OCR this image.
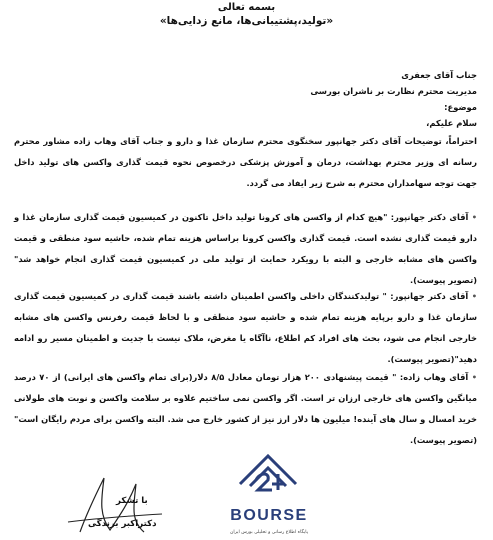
بسمه تعالی
«تولید،پشتیبانی‌ها، مانع زدایی‌ها»
جناب آقای جعفری
مدیریت محترم نظارت بر ناشران بورسی
موضوع:
سلام علیکم،
احتراماً، توضیحات آقای دکتر جهانپور سخنگوی محترم سازمان غذا و دارو و جناب آقای وهاب زاده مشاور محترم رسانه ای وزیر محترم بهداشت، درمان و آموزش پزشکی درخصوص نحوه قیمت گذاری واکسن های تولید داخل جهت توجه سهامداران محترم به شرح زیر ایفاد می گردد.
• آقای دکتر جهانپور: "هیچ کدام از واکسن های کرونا تولید داخل تاکنون در کمیسیون قیمت گذاری سازمان غذا و دارو قیمت گذاری نشده است. قیمت گذاری واکسن کرونا براساس هزینه تمام شده، حاشیه سود منطقی و قیمت واکسن های مشابه خارجی و البته با رویکرد حمایت از تولید ملی در کمیسیون قیمت گذاری انجام خواهد شد"(تصویر پیوست).
• آقای دکتر جهانپور: " تولیدکنندگان داخلی واکسن اطمینان داشته باشند قیمت گذاری در کمیسیون قیمت گذاری سازمان غذا و دارو برپایه هزینه تمام شده و حاشیه سود منطقی و با لحاظ قیمت رفرنس واکسن های مشابه خارجی انجام می شود، بحث های افراد کم اطلاع، ناآگاه یا مغرض، ملاک نیست با جدیت و اطمینان مسیر رو ادامه دهید"(تصویر پیوست).
• آقای وهاب زاده: " قیمت پیشنهادی ۲۰۰ هزار تومان معادل ۸/۵ دلار(برای تمام واکسن های ایرانی) از ۷۰ درصد میانگین واکسن های خارجی ارزان تر است. اگر واکسن نمی ساختیم علاوه بر سلامت واکسن و نوبت های طولانی خرید امسال و سال های آینده! میلیون ها دلار ارز نیز از کشور خارج می شد. البته واکسن برای مردم رایگان است"(تصویر پیوست).
با تشکر
دکتراکبر برندگی	BOURSE
پایگاه اطلاع رسانی و تحلیلی بورس ایران
